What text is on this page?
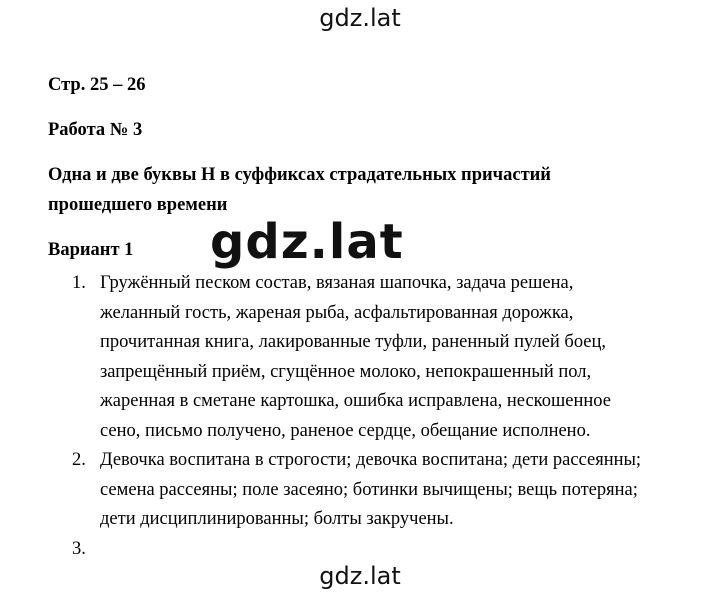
gdz.lat

Стр. 25 – 26

Работа № 3

Одна и две буквы Н в суффиксах страдательных причастий
прошедшего времени

Вариант 1

1. Гружённый песком состав, вязаная шапочка, задача решена,
желанный гость, жареная рыба, асфальтированная дорожка,
прочитанная книга, лакированные туфли, раненный пулей боец,
запрещённый приём, сгущённое молоко, непокрашенный пол,
жаренная в сметане картошка, ошибка исправлена, нескошенное
сено, письмо получено, раненое сердце, обещание исполнено.
2. Девочка воспитана в строгости; девочка воспитана; дети рассеянны;
семена рассеяны; поле засеяно; ботинки вычищены; вещь потеряна;
дети дисциплинированны; болты закручены.
3.

gdz.lat
gdz.lat
